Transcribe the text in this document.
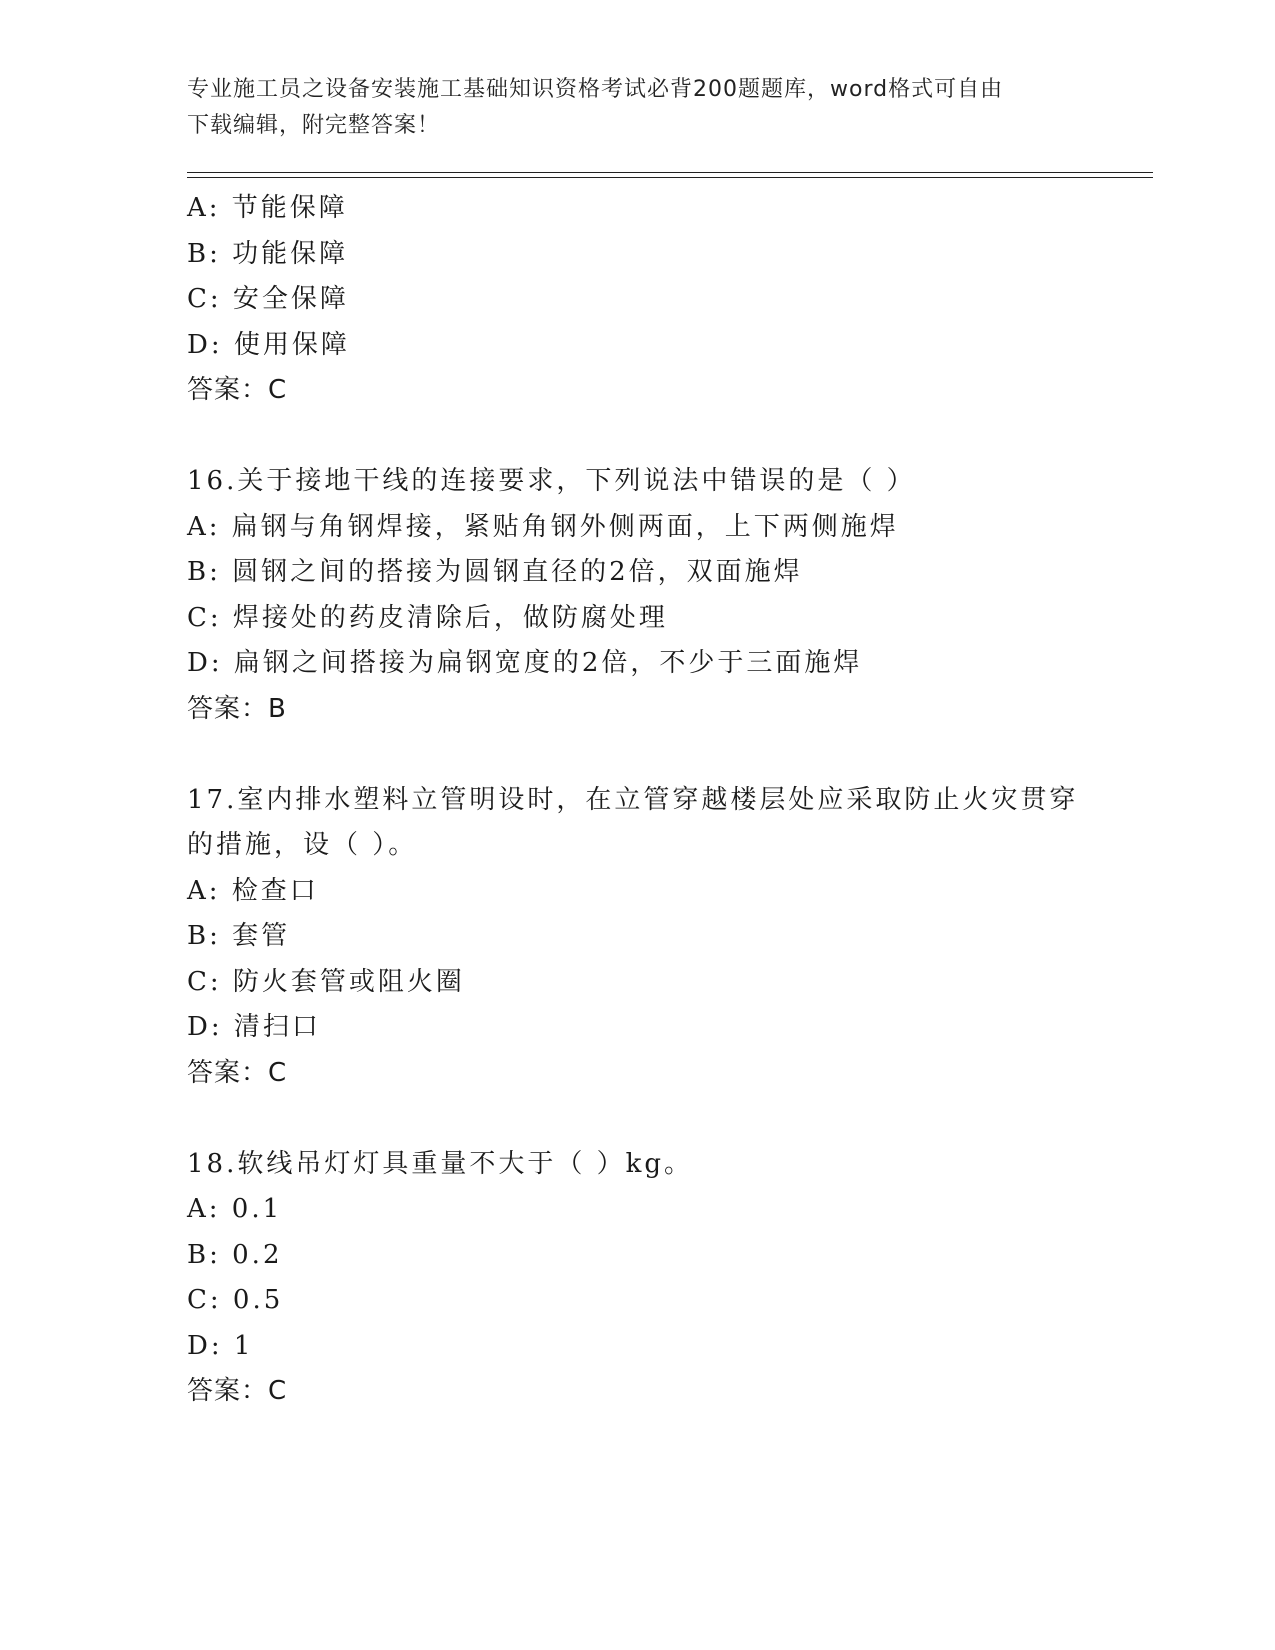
专业施工员之设备安装施工基础知识资格考试必背200题题库，word格式可自由
下载编辑，附完整答案！
A: 节能保障
B: 功能保障
C: 安全保障
D: 使用保障
答案：C
16.关于接地干线的连接要求，下列说法中错误的是（ ）
A: 扁钢与角钢焊接，紧贴角钢外侧两面，上下两侧施焊
B: 圆钢之间的搭接为圆钢直径的2倍，双面施焊
C: 焊接处的药皮清除后，做防腐处理
D: 扁钢之间搭接为扁钢宽度的2倍，不少于三面施焊
答案：B
17.室内排水塑料立管明设时，在立管穿越楼层处应采取防止火灾贯穿
的措施，设（ ）。
A: 检查口
B: 套管
C: 防火套管或阻火圈
D: 清扫口
答案：C
18.软线吊灯灯具重量不大于（ ）kg。
A: 0.1
B: 0.2
C: 0.5
D: 1
答案：C
